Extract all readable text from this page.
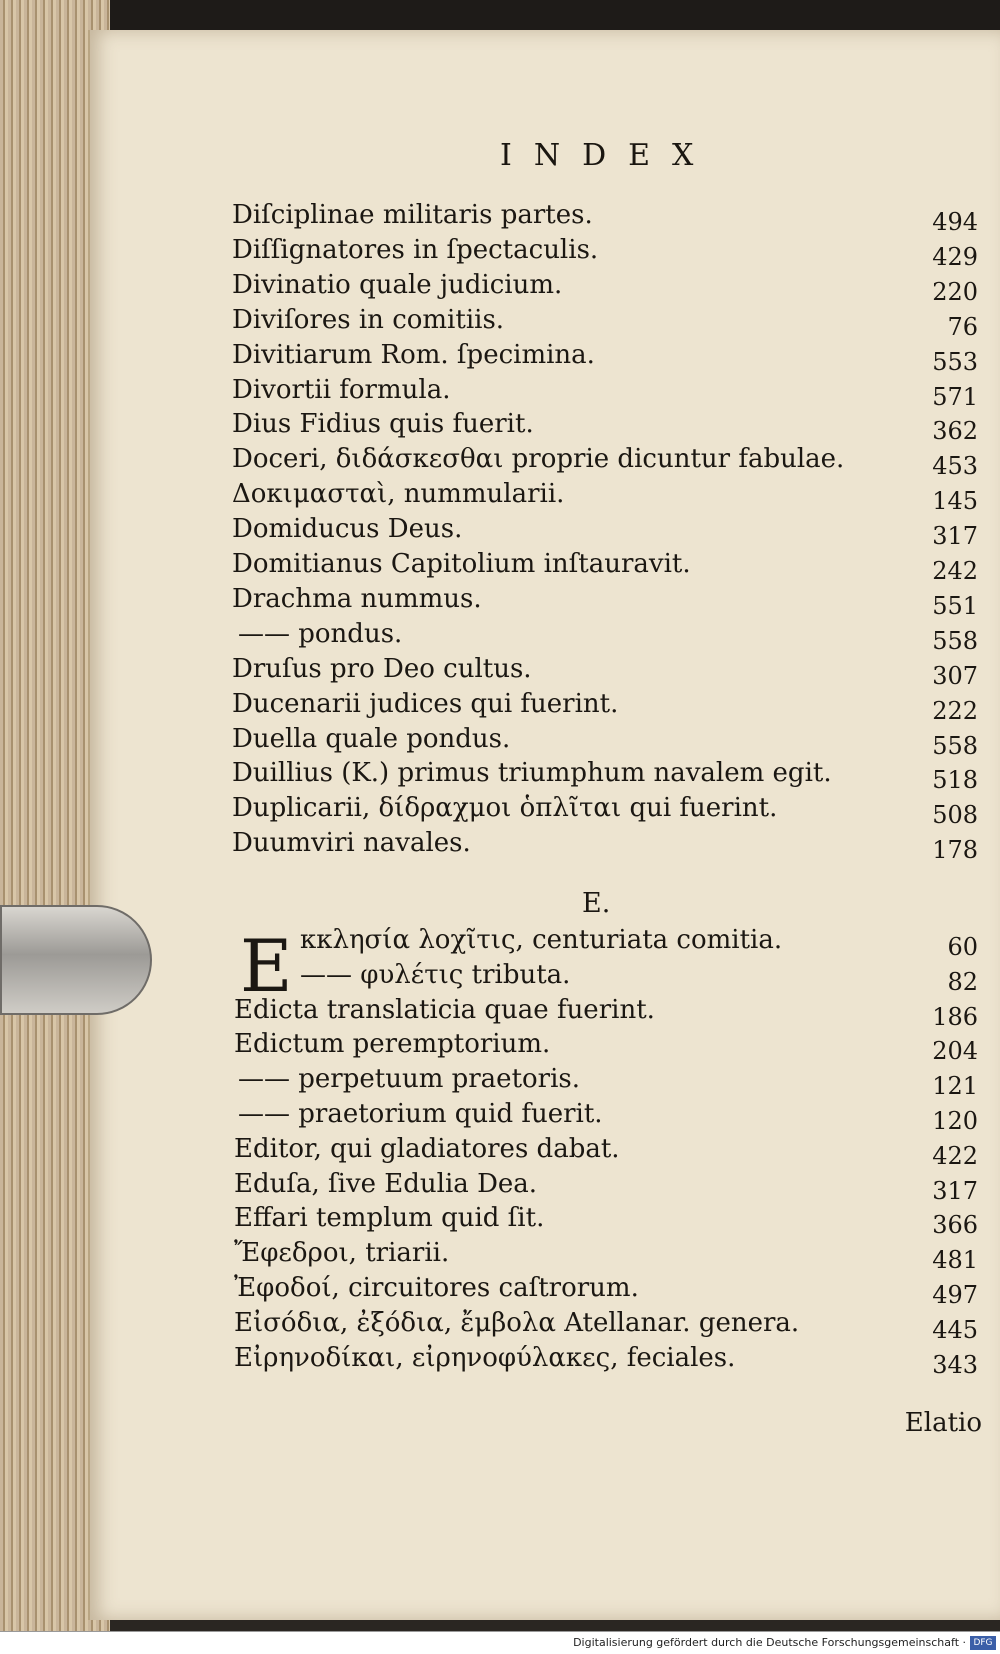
INDEX
Diſciplinae militaris partes.	494
Diſſignatores in ſpectaculis.	429
Divinatio quale judicium.	220
Diviſores in comitiis.	76
Divitiarum Rom. ſpecimina.	553
Divortii formula.	571
Dius Fidius quis fuerit.	362
Doceri, διδάσκεσθαι proprie dicuntur fabulae.	453
Δοκιμασταὶ, nummularii.	145
Domiducus Deus.	317
Domitianus Capitolium inſtauravit.	242
Drachma nummus.	551
—— pondus.	558
Druſus pro Deo cultus.	307
Ducenarii judices qui fuerint.	222
Duella quale pondus.	558
Duillius (K.) primus triumphum navalem egit.	518
Duplicarii, δίδραχμοι ὁπλῖται qui fuerint.	508
Duumviri navales.	178
κκλησία λοχῖτις, centuriata comitia.	60
—— φυλέτις tributa.	82
Edicta translaticia quae fuerint.	186
Edictum peremptorium.	204
—— perpetuum praetoris.	121
—— praetorium quid fuerit.	120
Editor, qui gladiatores dabat.	422
Eduſa, ſive Edulia Dea.	317
Effari templum quid ſit.	366
Ἔφεδροι, triarii.	481
Ἐφοδοί, circuitores caſtrorum.	497
Εἰσόδια, ἐξόδια, ἔμβολα Atellanar. genera.	445
Εἰρηνοδίκαι, εἰρηνοφύλακες, feciales.	343
E.
E
Elatio
Digitalisierung gefördert durch die Deutsche Forschungsgemeinschaft · DFG
